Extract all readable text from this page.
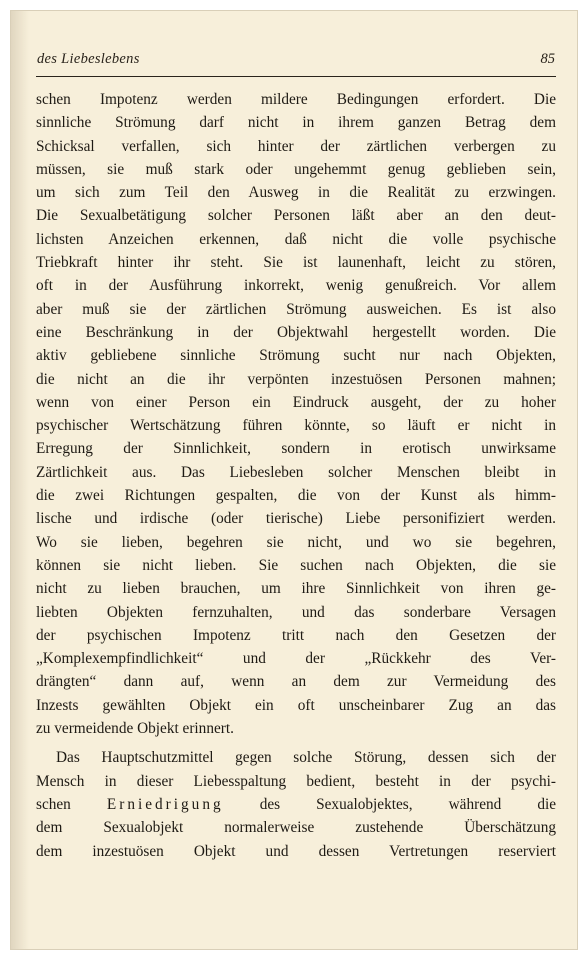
des Liebeslebens	85
schen Impotenz werden mildere Bedingungen erfordert. Die
sinnliche Strömung darf nicht in ihrem ganzen Betrag dem
Schicksal verfallen, sich hinter der zärtlichen verbergen zu
müssen, sie muß stark oder ungehemmt genug geblieben sein,
um sich zum Teil den Ausweg in die Realität zu erzwingen.
Die Sexualbetätigung solcher Personen läßt aber an den deut-
lichsten Anzeichen erkennen, daß nicht die volle psychische
Triebkraft hinter ihr steht. Sie ist launenhaft, leicht zu stören,
oft in der Ausführung inkorrekt, wenig genußreich. Vor allem
aber muß sie der zärtlichen Strömung ausweichen. Es ist also
eine Beschränkung in der Objektwahl hergestellt worden. Die
aktiv gebliebene sinnliche Strömung sucht nur nach Objekten,
die nicht an die ihr verpönten inzestuösen Personen mahnen;
wenn von einer Person ein Eindruck ausgeht, der zu hoher
psychischer Wertschätzung führen könnte, so läuft er nicht in
Erregung der Sinnlichkeit, sondern in erotisch unwirksame
Zärtlichkeit aus. Das Liebesleben solcher Menschen bleibt in
die zwei Richtungen gespalten, die von der Kunst als himm-
lische und irdische (oder tierische) Liebe personifiziert werden.
Wo sie lieben, begehren sie nicht, und wo sie begehren,
können sie nicht lieben. Sie suchen nach Objekten, die sie
nicht zu lieben brauchen, um ihre Sinnlichkeit von ihren ge-
liebten Objekten fernzuhalten, und das sonderbare Versagen
der psychischen Impotenz tritt nach den Gesetzen der
„Komplexempfindlichkeit“ und der „Rückkehr des Ver-
drängten“ dann auf, wenn an dem zur Vermeidung des
Inzests gewählten Objekt ein oft unscheinbarer Zug an das
zu vermeidende Objekt erinnert.
Das Hauptschutzmittel gegen solche Störung, dessen sich der
Mensch in dieser Liebesspaltung bedient, besteht in der psychi-
schen Erniedrigung des Sexualobjektes, während die
dem Sexualobjekt normalerweise zustehende Überschätzung
dem inzestuösen Objekt und dessen Vertretungen reserviert
